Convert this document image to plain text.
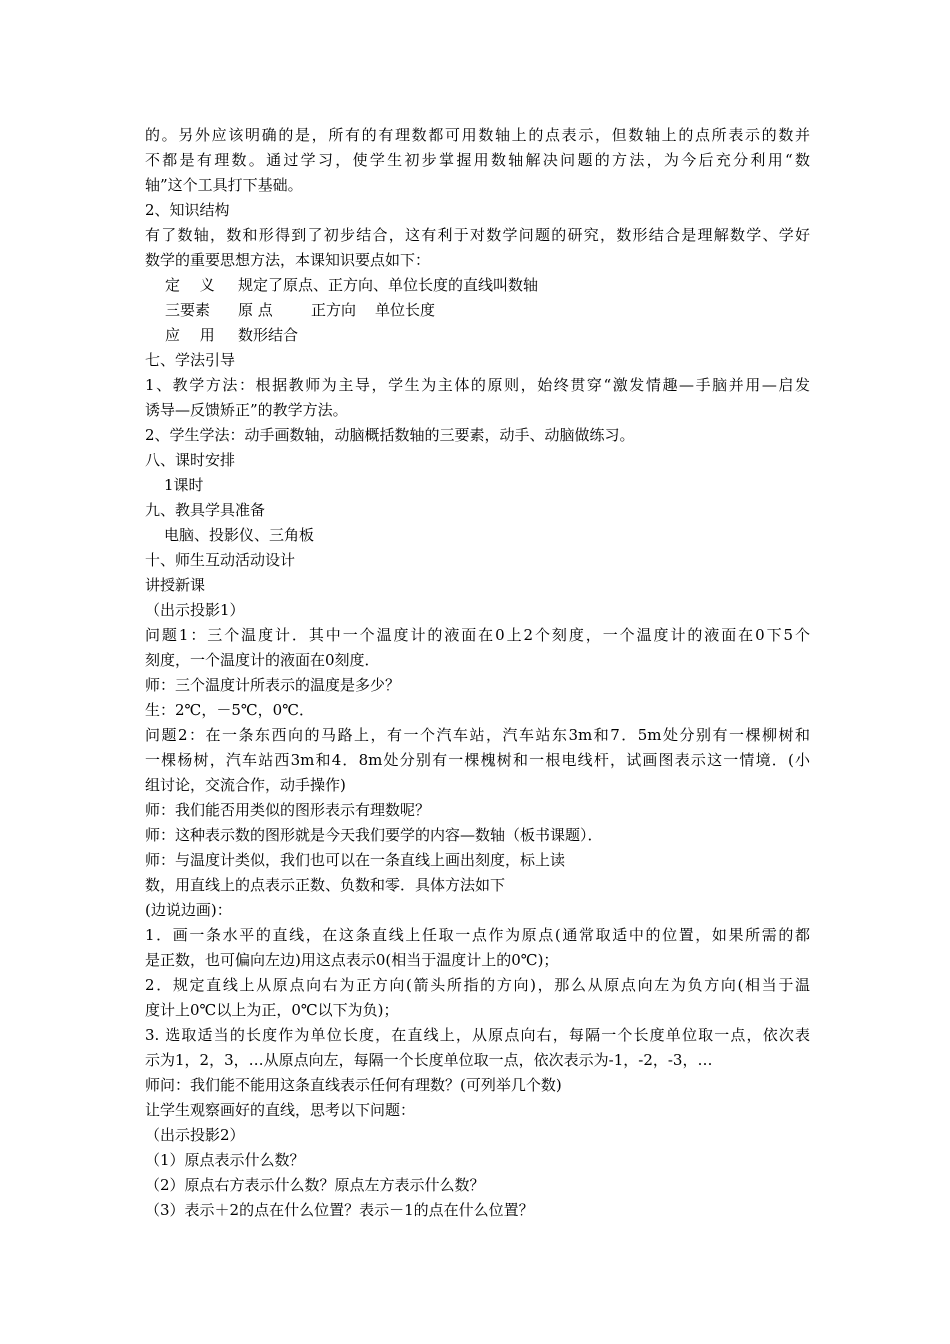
的。另外应该明确的是，所有的有理数都可用数轴上的点表示，但数轴上的点所表示的数并
不都是有理数。通过学习，使学生初步掌握用数轴解决问题的方法，为今后充分利用“数
轴”这个工具打下基础。
2、知识结构
有了数轴，数和形得到了初步结合，这有利于对数学问题的研究，数形结合是理解数学、学好
数学的重要思想方法，本课知识要点如下：
定　 义	规定了原点、正方向、单位长度的直线叫数轴
三要素	原 点	正方向	单位长度
应　 用	数形结合
七、学法引导
1、教学方法：根据教师为主导，学生为主体的原则，始终贯穿“激发情趣—手脑并用—启发
诱导—反馈矫正”的教学方法。
2、学生学法：动手画数轴，动脑概括数轴的三要素，动手、动脑做练习。
八、课时安排
1课时
九、教具学具准备
电脑、投影仪、三角板
十、师生互动活动设计
讲授新课
（出示投影1）
问题1：三个温度计．其中一个温度计的液面在0上2个刻度，一个温度计的液面在0下5个
刻度，一个温度计的液面在0刻度．
师：三个温度计所表示的温度是多少？
生：2℃，－5℃，0℃．
问题2：在一条东西向的马路上，有一个汽车站，汽车站东3m和7．5m处分别有一棵柳树和
一棵杨树，汽车站西3m和4．8m处分别有一棵槐树和一根电线杆，试画图表示这一情境．(小
组讨论，交流合作，动手操作)
师：我们能否用类似的图形表示有理数呢？
师：这种表示数的图形就是今天我们要学的内容—数轴（板书课题）．
师：与温度计类似，我们也可以在一条直线上画出刻度，标上读
数，用直线上的点表示正数、负数和零．具体方法如下
(边说边画)：
1．画一条水平的直线，在这条直线上任取一点作为原点(通常取适中的位置，如果所需的都
是正数，也可偏向左边)用这点表示0(相当于温度计上的0℃)；
2．规定直线上从原点向右为正方向(箭头所指的方向)，那么从原点向左为负方向(相当于温
度计上0℃以上为正，0℃以下为负)；
3. 选取适当的长度作为单位长度，在直线上，从原点向右，每隔一个长度单位取一点，依次表
示为1，2，3，…从原点向左，每隔一个长度单位取一点，依次表示为-1，-2，-3，…
师问：我们能不能用这条直线表示任何有理数？(可列举几个数)
让学生观察画好的直线，思考以下问题：
（出示投影2）
（1）原点表示什么数？
（2）原点右方表示什么数？原点左方表示什么数？
（3）表示＋2的点在什么位置？表示－1的点在什么位置？
